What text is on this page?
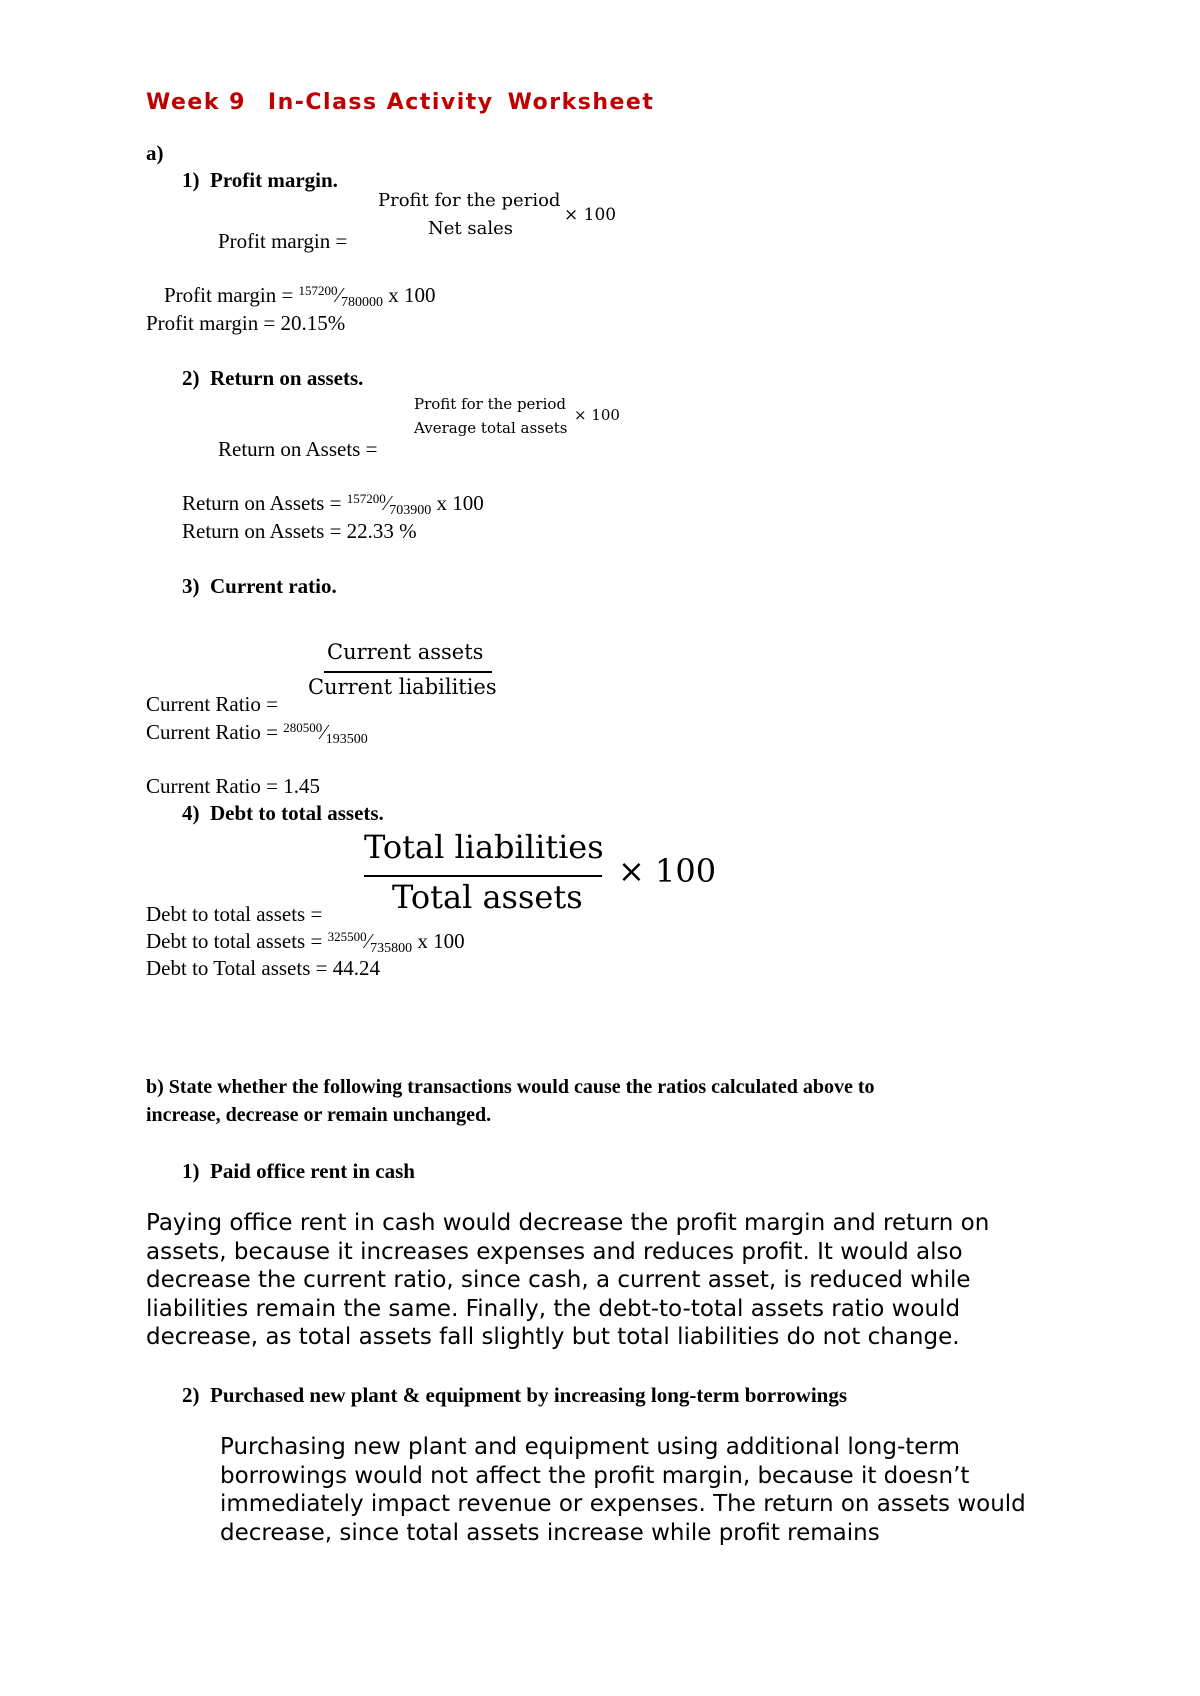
Week 9 In-Class Activity Worksheet
a)
1) Profit margin.
Profit for the period
Net sales
× 100
Profit margin =
Profit margin = $^{157200}$⁄780000 x 100
Profit margin = 20.15%
2) Return on assets.
Profit for the period
Average total assets
× 100
Return on Assets =
Return on Assets = $^{157200}$⁄703900 x 100
Return on Assets = 22.33 %
3) Current ratio.
Current assets
Current liabilities
Current Ratio =
Current Ratio = $^{280500}$⁄193500
Current Ratio = 1.45
4) Debt to total assets.
Total liabilities
Total assets
× 100
Debt to total assets =
Debt to total assets = $^{325500}$⁄735800 x 100
Debt to Total assets = 44.24
b) State whether the following transactions would cause the ratios calculated above to
increase, decrease or remain unchanged.
1) Paid office rent in cash
Paying office rent in cash would decrease the profit margin and return on assets, because it increases expenses and reduces profit. It would also decrease the current ratio, since cash, a current asset, is reduced while liabilities remain the same. Finally, the debt-to-total assets ratio would decrease, as total assets fall slightly but total liabilities do not change.
2) Purchased new plant & equipment by increasing long-term borrowings
Purchasing new plant and equipment using additional long-term borrowings would not affect the profit margin, because it doesn’t immediately impact revenue or expenses. The return on assets would decrease, since total assets increase while profit remains
